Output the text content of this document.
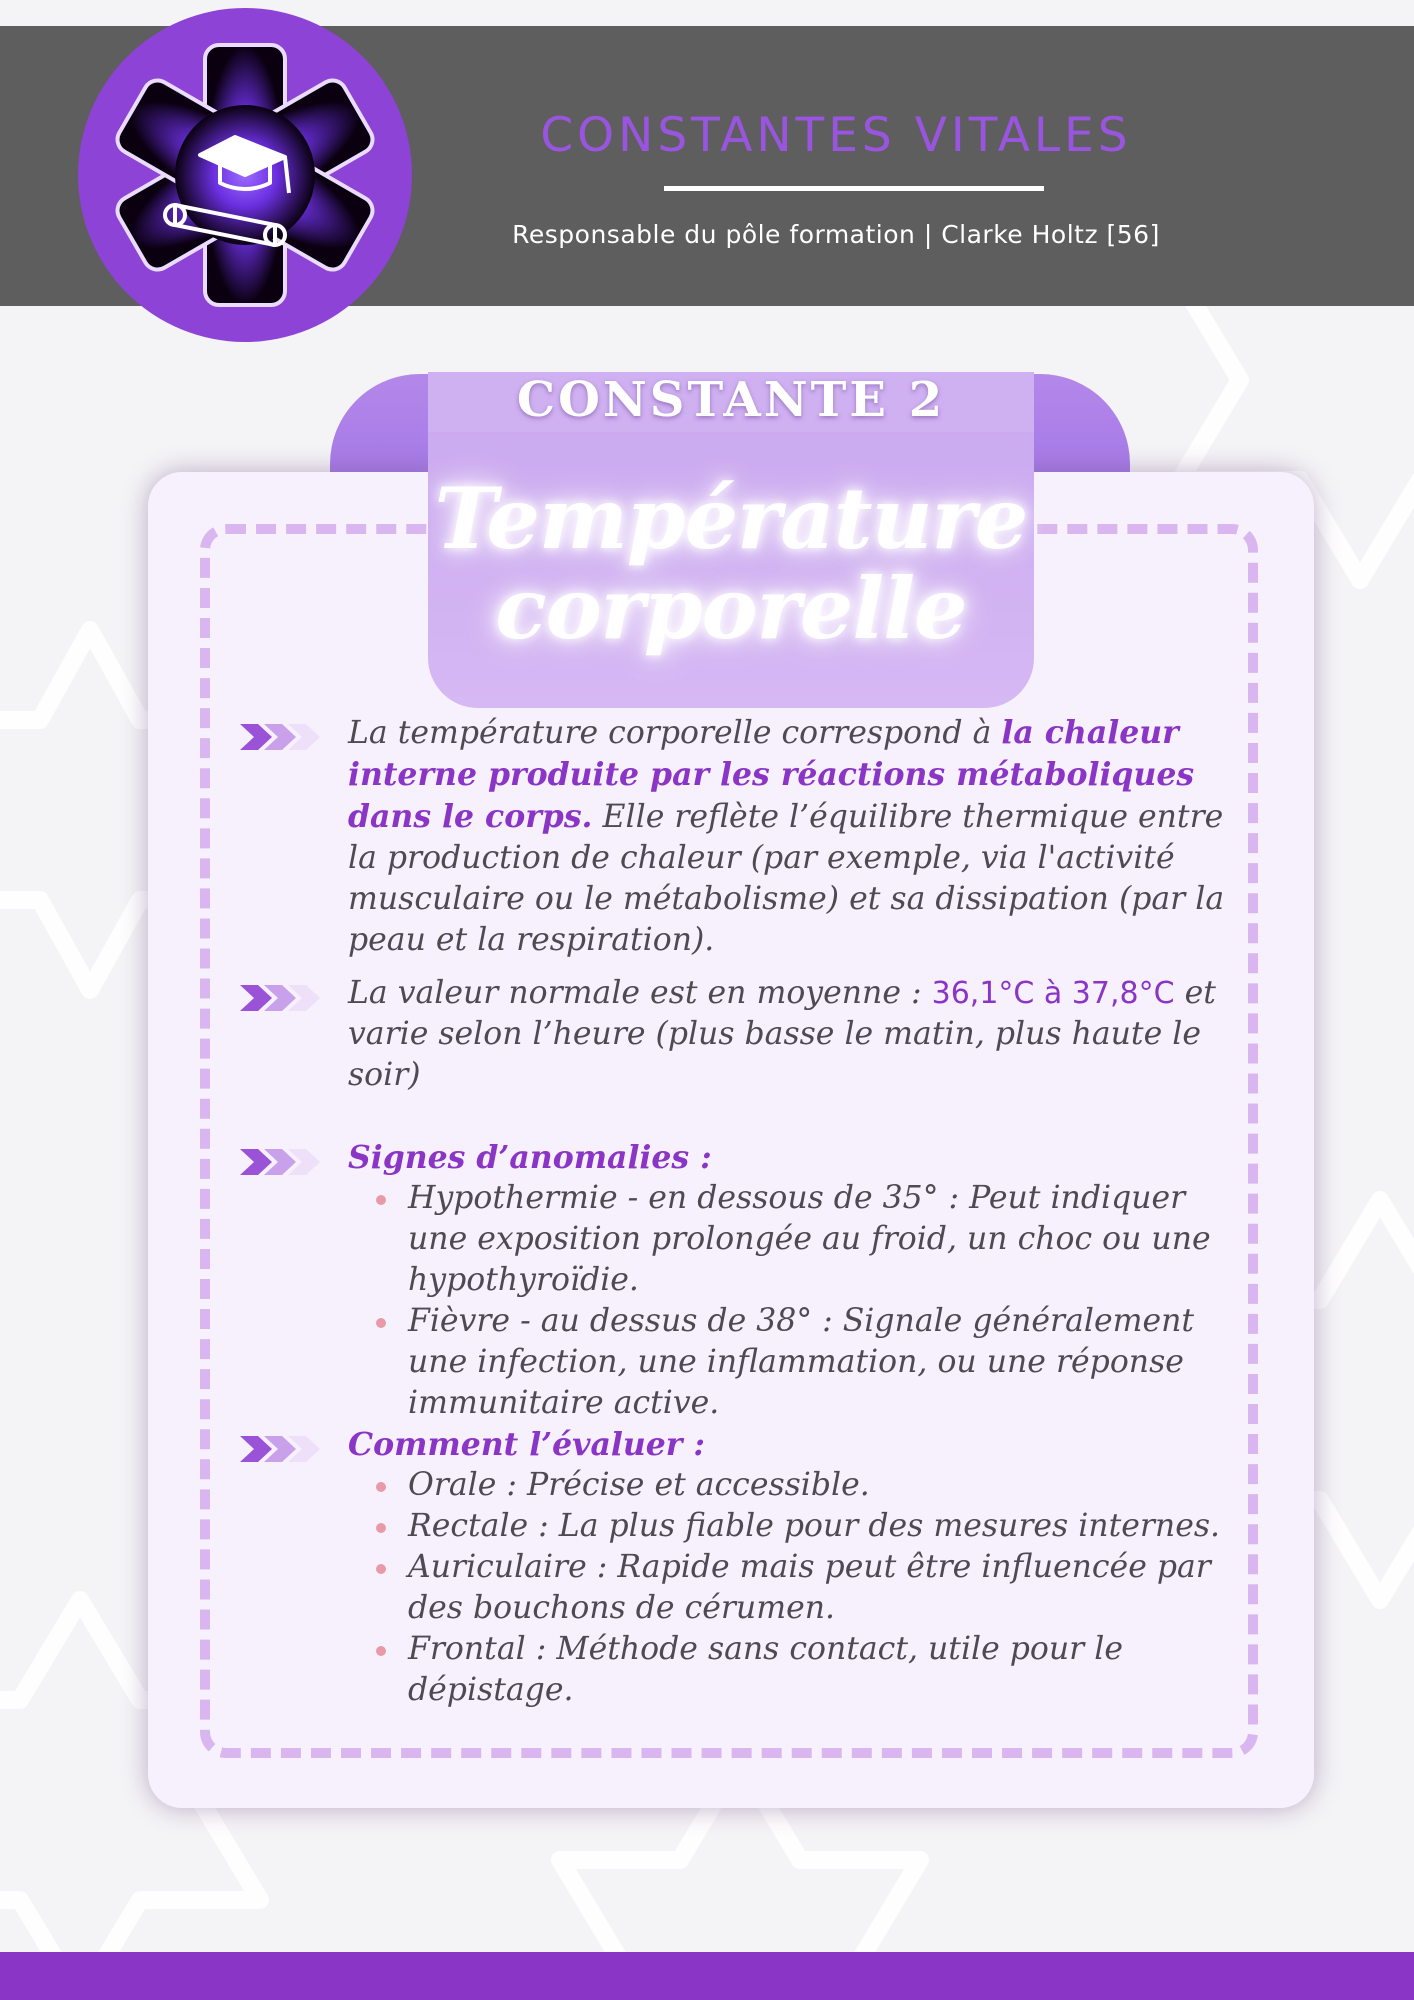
CONSTANTES VITALES
Responsable du pôle formation | Clarke Holtz [56]
CONSTANTE 2
Température
corporelle
La température corporelle correspond à la chaleur interne produite par les réactions métaboliques dans le corps. Elle reflète l’équilibre thermique entre la production de chaleur (par exemple, via l'activité musculaire ou le métabolisme) et sa dissipation (par la peau et la respiration).
La valeur normale est en moyenne : 36,1°C à 37,8°C et varie selon l’heure (plus basse le matin, plus haute le soir)
Signes d’anomalies :
Hypothermie - en dessous de 35° : Peut indiquer une exposition prolongée au froid, un choc ou une hypothyroïdie.
Fièvre - au dessus de 38° : Signale généralement une infection, une inflammation, ou une réponse immunitaire active.
Comment l’évaluer :
Orale : Précise et accessible.
Rectale : La plus fiable pour des mesures internes.
Auriculaire : Rapide mais peut être influencée par des bouchons de cérumen.
Frontal : Méthode sans contact, utile pour le dépistage.
